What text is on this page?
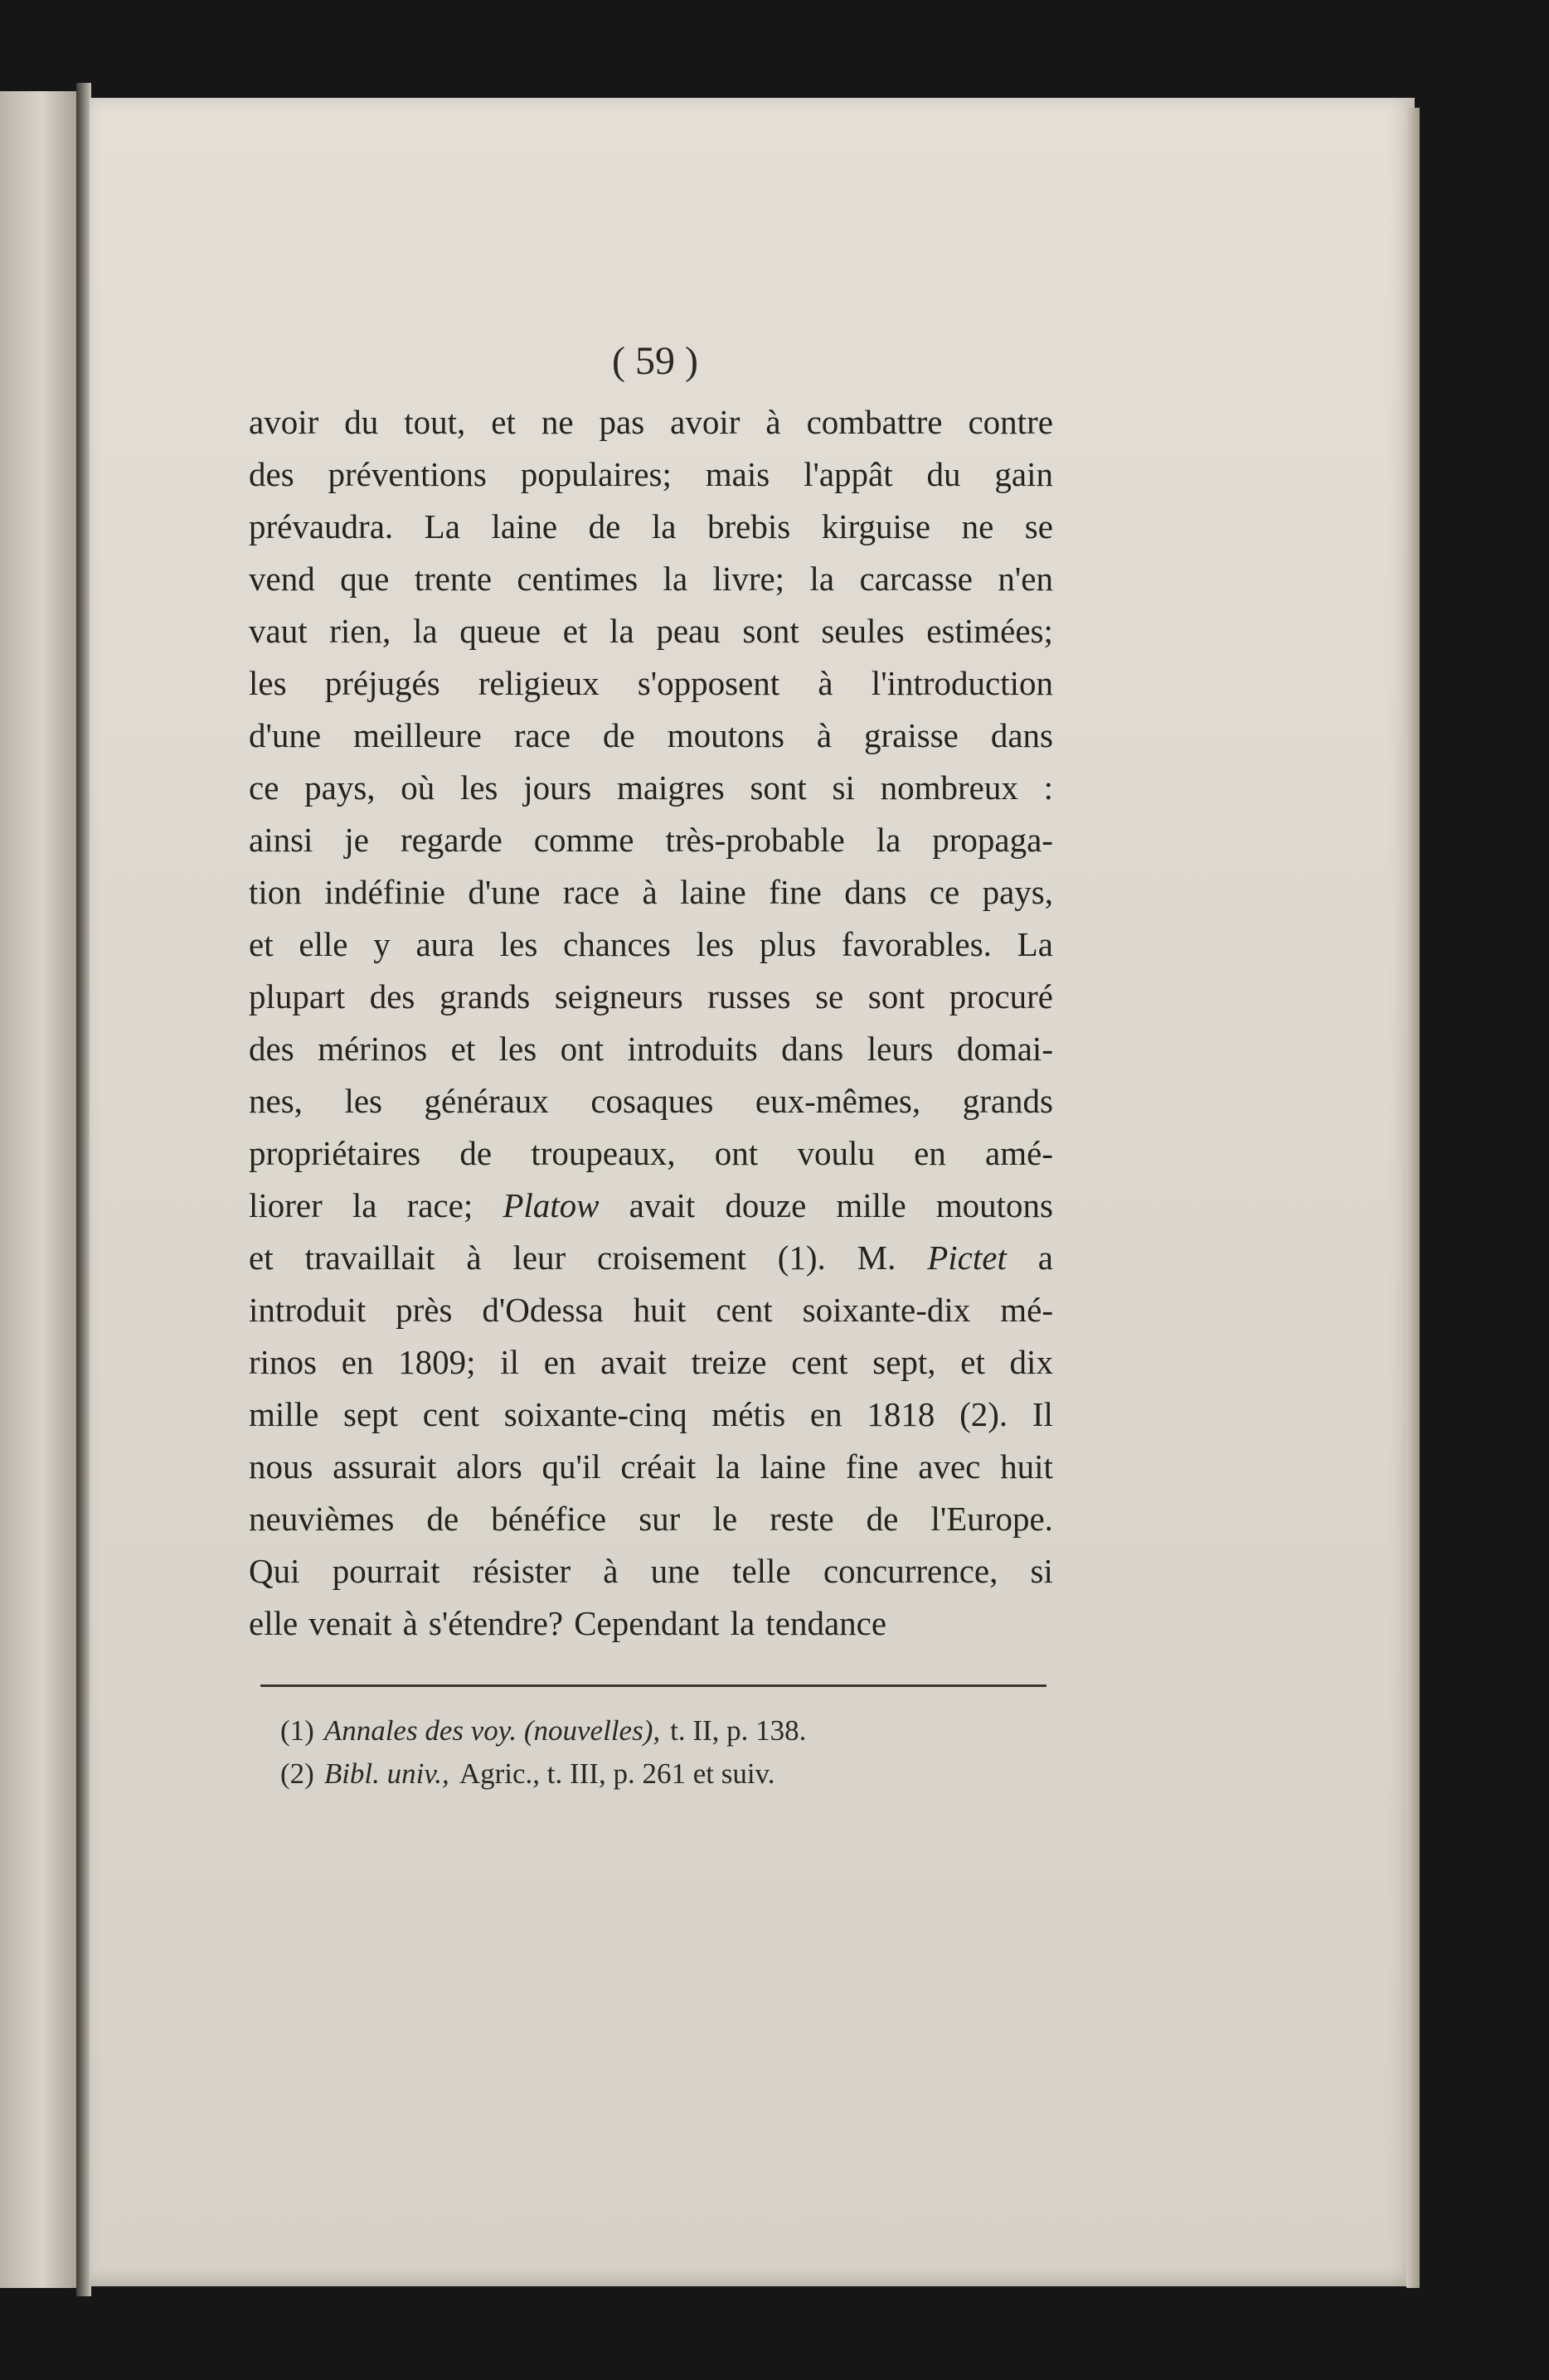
( 59 )
avoir du tout, et ne pas avoir à combattre contre
des préventions populaires; mais l'appât du gain
prévaudra. La laine de la brebis kirguise ne se
vend que trente centimes la livre; la carcasse n'en
vaut rien, la queue et la peau sont seules estimées;
les préjugés religieux s'opposent à l'introduction
d'une meilleure race de moutons à graisse dans
ce pays, où les jours maigres sont si nombreux :
ainsi je regarde comme très-probable la propaga-
tion indéfinie d'une race à laine fine dans ce pays,
et elle y aura les chances les plus favorables. La
plupart des grands seigneurs russes se sont procuré
des mérinos et les ont introduits dans leurs domai-
nes, les généraux cosaques eux-mêmes, grands
propriétaires de troupeaux, ont voulu en amé-
liorer la race; Platow avait douze mille moutons
et travaillait à leur croisement (1). M. Pictet a
introduit près d'Odessa huit cent soixante-dix mé-
rinos en 1809; il en avait treize cent sept, et dix
mille sept cent soixante-cinq métis en 1818 (2). Il
nous assurait alors qu'il créait la laine fine avec huit
neuvièmes de bénéfice sur le reste de l'Europe.
Qui pourrait résister à une telle concurrence, si
elle venait à s'étendre? Cependant la tendance
(1) Annales des voy. (nouvelles), t. II, p. 138.
(2) Bibl. univ., Agric., t. III, p. 261 et suiv.
